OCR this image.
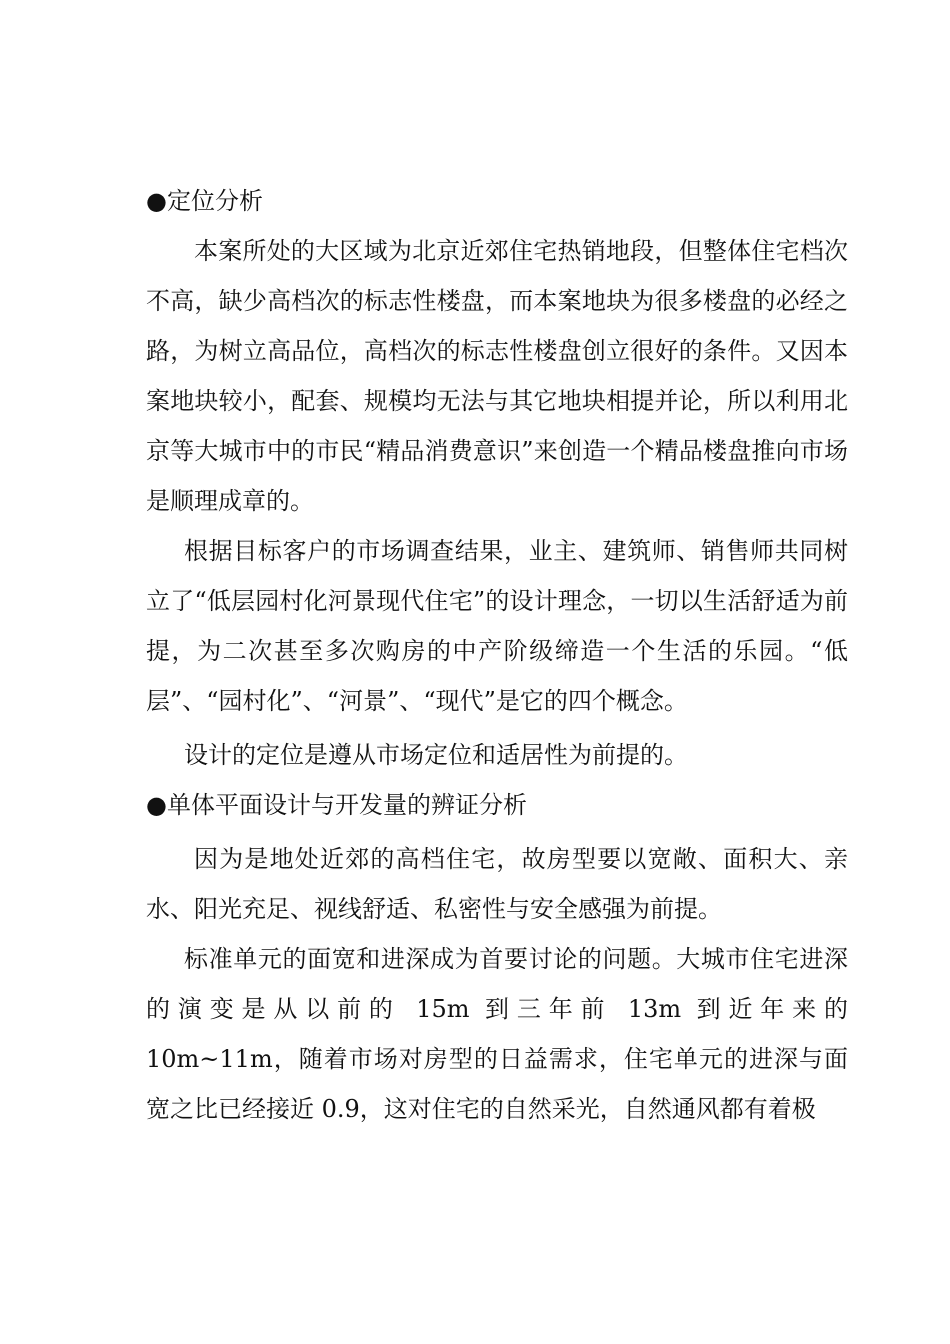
●定位分析

本案所处的大区域为北京近郊住宅热销地段，但整体住宅档次不高，缺少高档次的标志性楼盘，而本案地块为很多楼盘的必经之路，为树立高品位，高档次的标志性楼盘创立很好的条件。又因本案地块较小，配套、规模均无法与其它地块相提并论，所以利用北京等大城市中的市民“精品消费意识”来创造一个精品楼盘推向市场是顺理成章的。

根据目标客户的市场调查结果，业主、建筑师、销售师共同树立了“低层园村化河景现代住宅”的设计理念，一切以生活舒适为前提，为二次甚至多次购房的中产阶级缔造一个生活的乐园。“低层”、“园村化”、“河景”、“现代”是它的四个概念。

设计的定位是遵从市场定位和适居性为前提的。

●单体平面设计与开发量的辨证分析

因为是地处近郊的高档住宅，故房型要以宽敞、面积大、亲水、阳光充足、视线舒适、私密性与安全感强为前提。

标准单元的面宽和进深成为首要讨论的问题。大城市住宅进深的演变是从以前的 15m 到三年前 13m 到近年来的 10m~11m，随着市场对房型的日益需求，住宅单元的进深与面宽之比已经接近 0.9，这对住宅的自然采光，自然通风都有着极
